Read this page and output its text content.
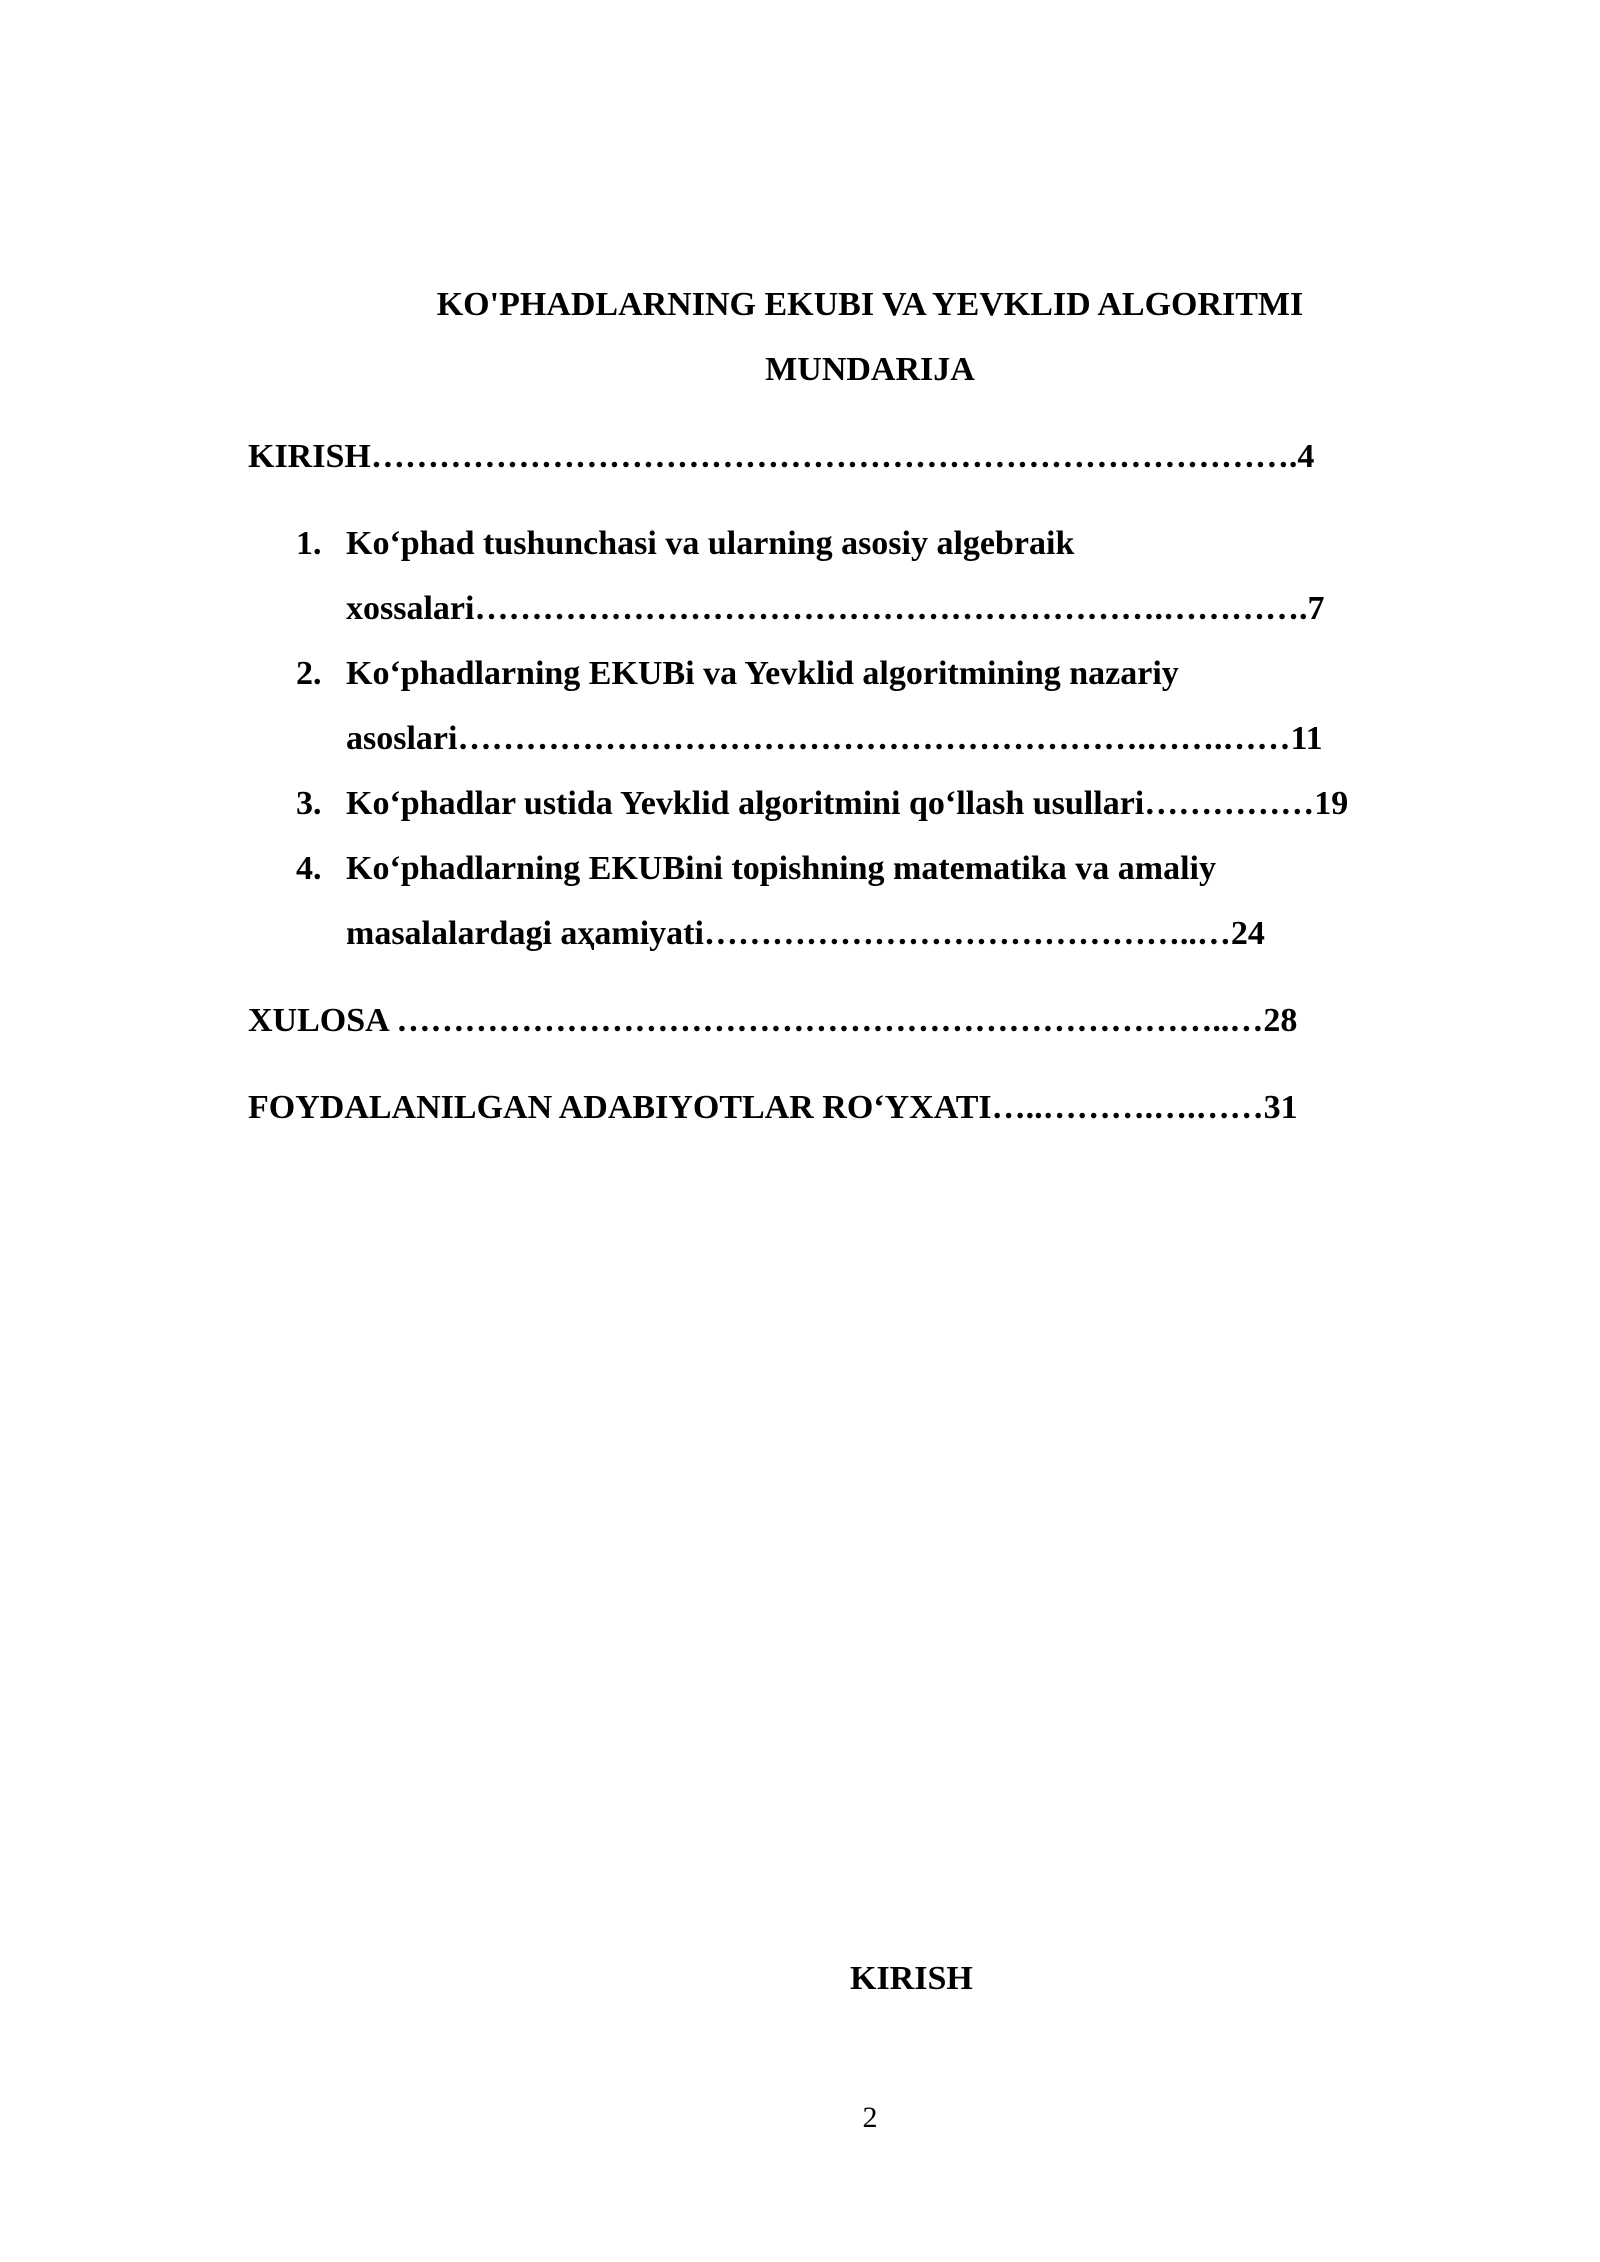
KO'PHADLARNING EKUBI VA YEVKLID ALGORITMI
MUNDARIJA
KIRISH……………………………………………………………………….4
1. Ko‘phad tushunchasi va ularning asosiy algebraik
xossalari…………………………………………………….………….7
2. Ko‘phadlarning EKUBi va Yevklid algoritmining nazariy
asoslari…………………………………………………….…….……11
3. Ko‘phadlar ustida Yevklid algoritmini qo‘llash usullari……………19
4. Ko‘phadlarning EKUBini topishning matematika va amaliy
masalalardagi aҳamiyati……………………………………..…24
XULOSA ………………………………………………………………..…28
FOYDALANILGAN ADABIYOTLAR RO‘YXATI…..……….….……31
KIRISH
2
